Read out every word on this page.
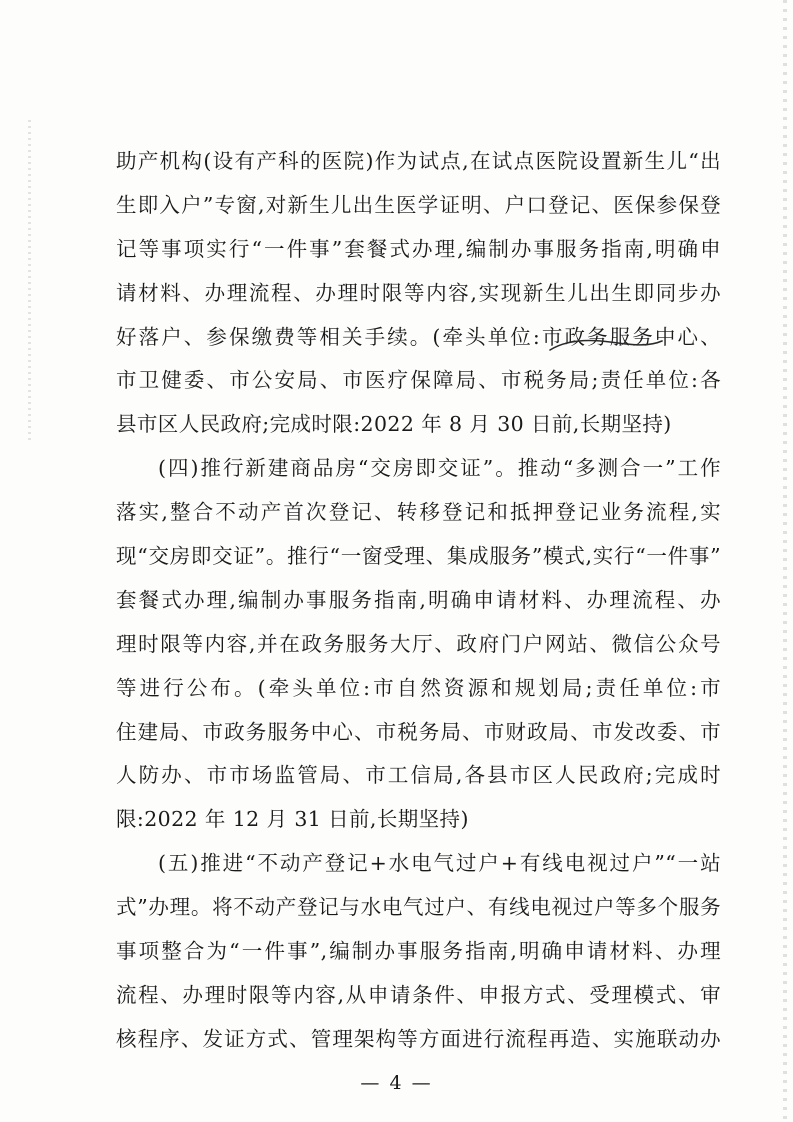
助产机构(设有产科的医院)作为试点,在试点医院设置新生儿“出
生即入户”专窗,对新生儿出生医学证明、户口登记、医保参保登
记等事项实行“一件事”套餐式办理,编制办事服务指南,明确申
请材料、办理流程、办理时限等内容,实现新生儿出生即同步办
好落户、参保缴费等相关手续。(牵头单位:市政务服务中心、
市卫健委、市公安局、市医疗保障局、市税务局;责任单位:各
县市区人民政府;完成时限:2022 年 8 月 30 日前,长期坚持)
(四)推行新建商品房“交房即交证”。推动“多测合一”工作
落实,整合不动产首次登记、转移登记和抵押登记业务流程,实
现“交房即交证”。推行“一窗受理、集成服务”模式,实行“一件事”
套餐式办理,编制办事服务指南,明确申请材料、办理流程、办
理时限等内容,并在政务服务大厅、政府门户网站、微信公众号
等进行公布。(牵头单位:市自然资源和规划局;责任单位:市
住建局、市政务服务中心、市税务局、市财政局、市发改委、市
人防办、市市场监管局、市工信局,各县市区人民政府;完成时
限:2022 年 12 月 31 日前,长期坚持)
(五)推进“不动产登记+水电气过户+有线电视过户”“一站
式”办理。将不动产登记与水电气过户、有线电视过户等多个服务
事项整合为“一件事”,编制办事服务指南,明确申请材料、办理
流程、办理时限等内容,从申请条件、申报方式、受理模式、审
核程序、发证方式、管理架构等方面进行流程再造、实施联动办
— 4 —
